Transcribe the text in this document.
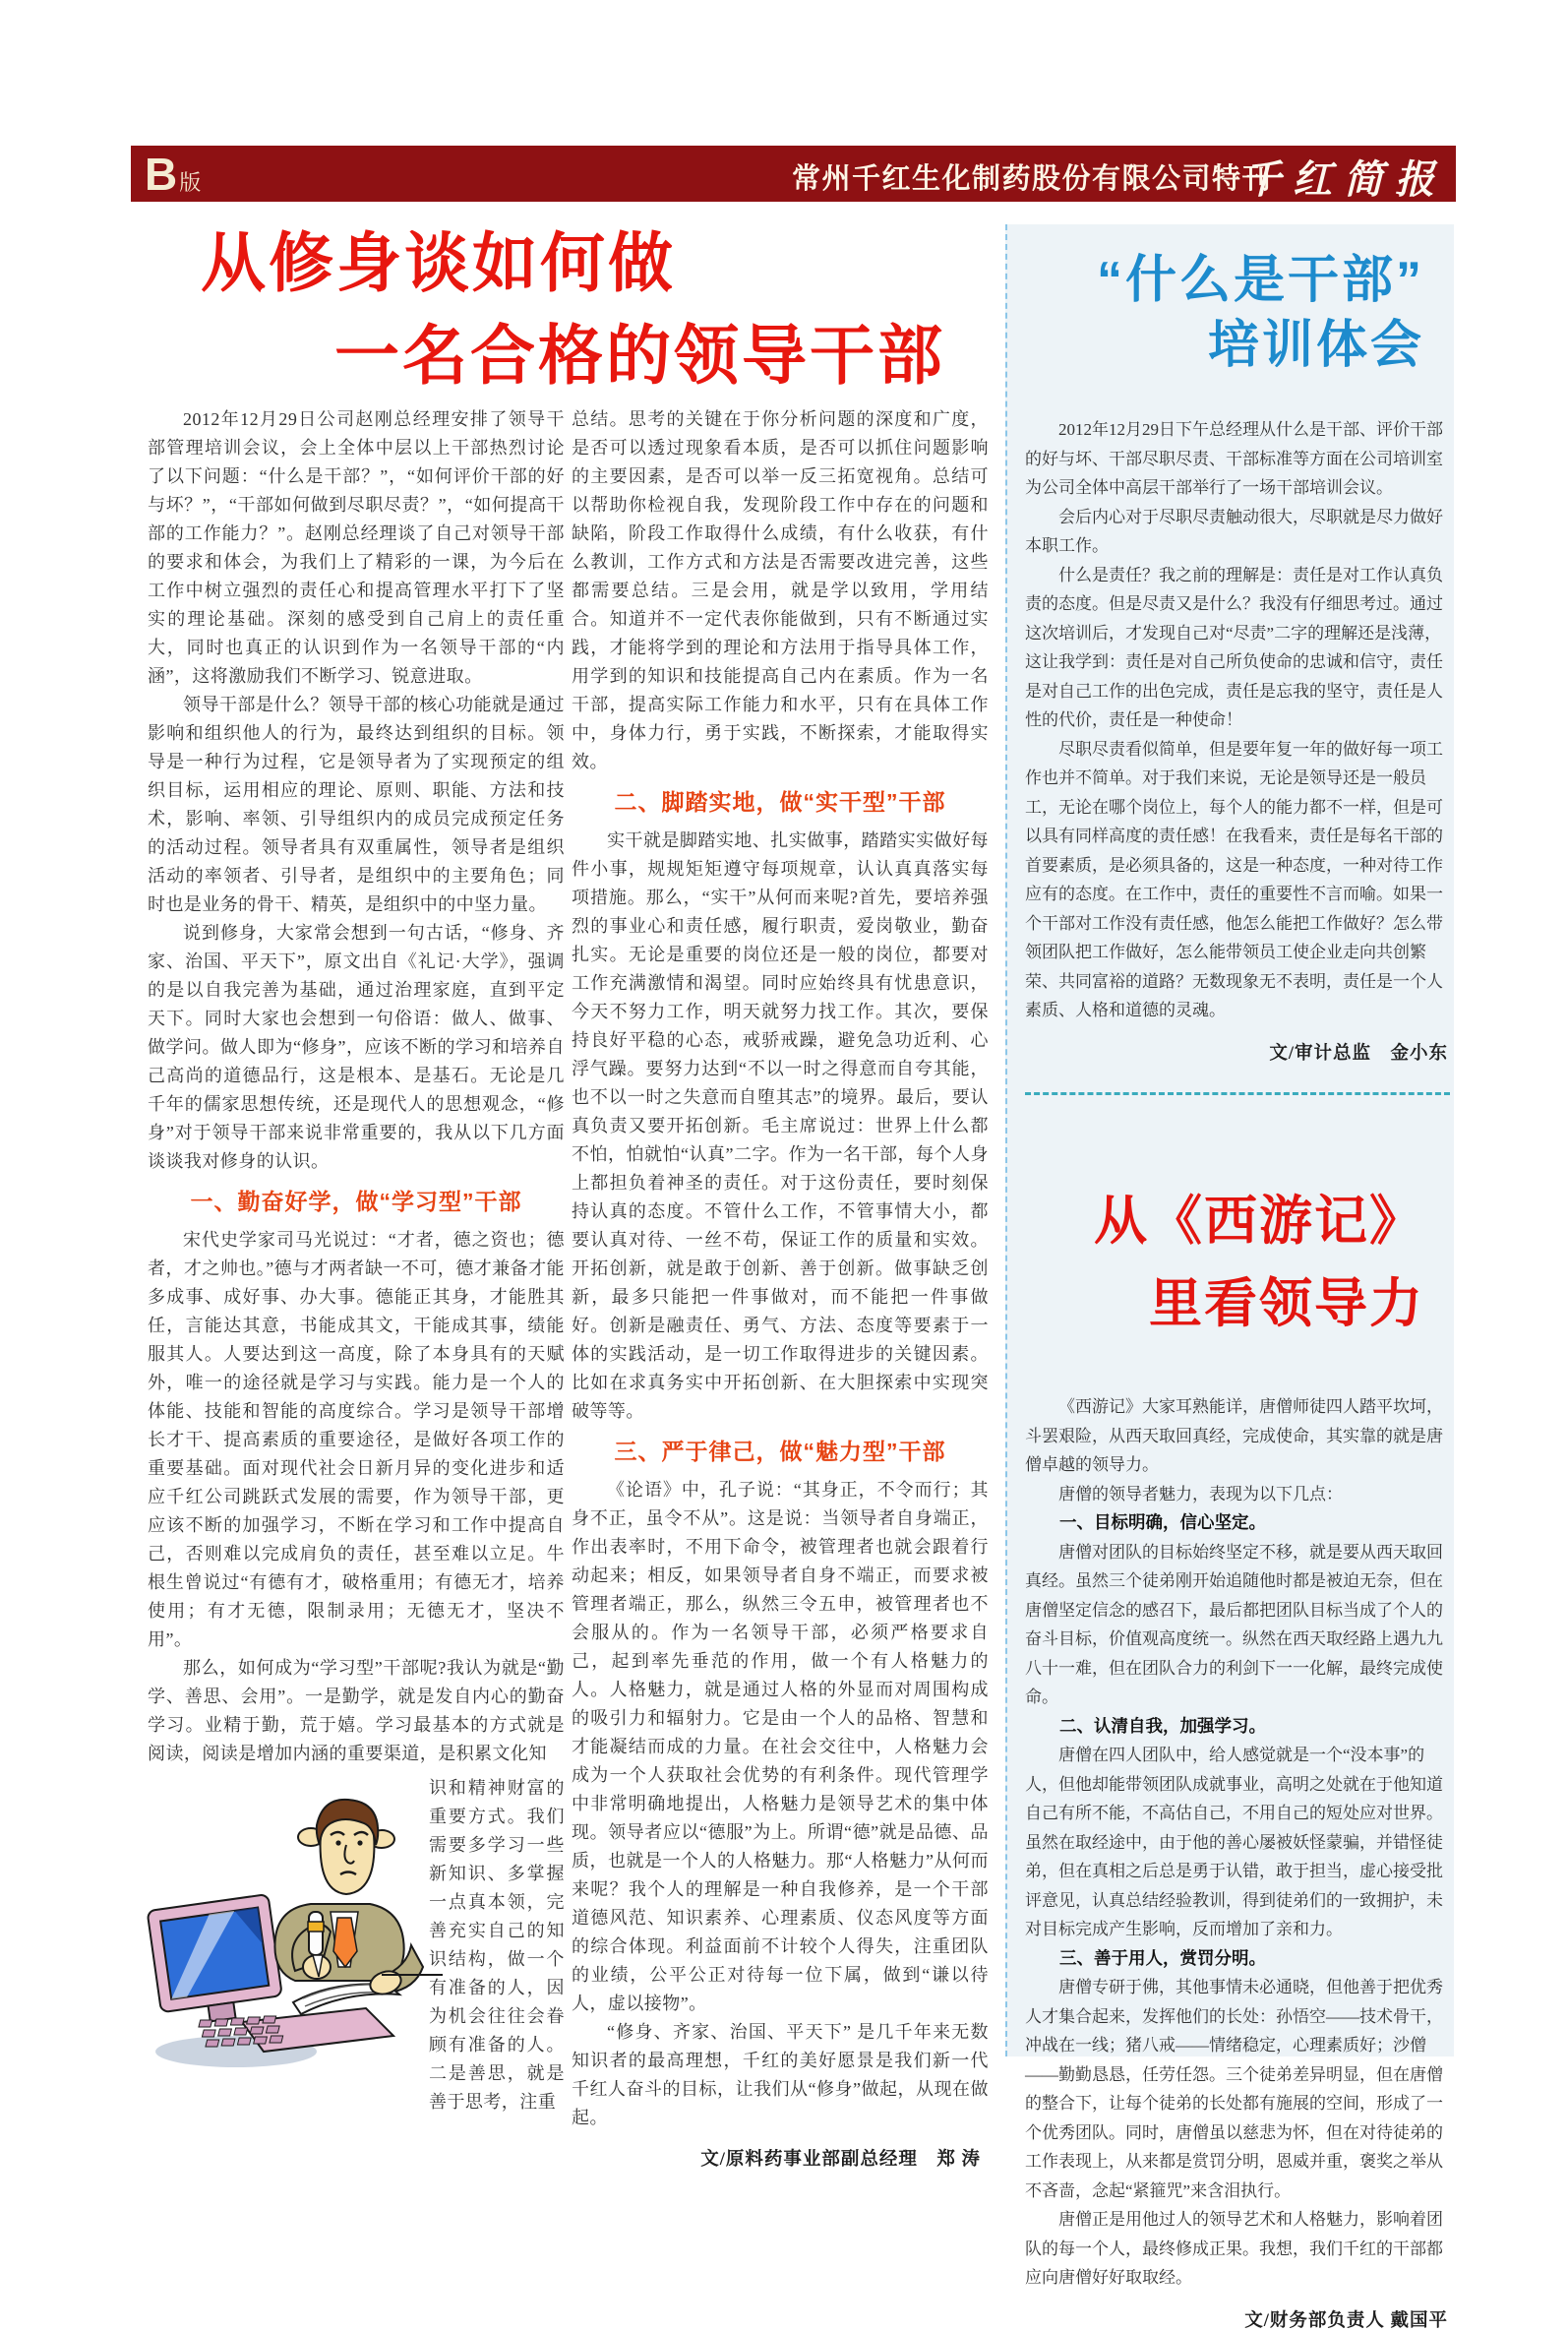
B版	常州千红生化制药股份有限公司特刊
千红简报
从修身谈如何做
一名合格的领导干部

2012年12月29日公司赵刚总经理安排了领导干部管理培训会议，会上全体中层以上干部热烈讨论了以下问题：“什么是干部？”，“如何评价干部的好与坏？”，“干部如何做到尽职尽责？”，“如何提高干部的工作能力？”。赵刚总经理谈了自己对领导干部的要求和体会，为我们上了精彩的一课，为今后在工作中树立强烈的责任心和提高管理水平打下了坚实的理论基础。深刻的感受到自己肩上的责任重大，同时也真正的认识到作为一名领导干部的“内涵”，这将激励我们不断学习、锐意进取。

领导干部是什么？领导干部的核心功能就是通过影响和组织他人的行为，最终达到组织的目标。领导是一种行为过程，它是领导者为了实现预定的组织目标，运用相应的理论、原则、职能、方法和技术，影响、率领、引导组织内的成员完成预定任务的活动过程。领导者具有双重属性，领导者是组织活动的率领者、引导者，是组织中的主要角色；同时也是业务的骨干、精英，是组织中的中坚力量。

说到修身，大家常会想到一句古话，“修身、齐家、治国、平天下”，原文出自《礼记·大学》，强调的是以自我完善为基础，通过治理家庭，直到平定天下。同时大家也会想到一句俗语：做人、做事、做学问。做人即为“修身”，应该不断的学习和培养自己高尚的道德品行，这是根本、是基石。无论是几千年的儒家思想传统，还是现代人的思想观念，“修身”对于领导干部来说非常重要的，我从以下几方面谈谈我对修身的认识。

一、勤奋好学，做“学习型”干部

宋代史学家司马光说过：“才者，德之资也；德者，才之帅也。”德与才两者缺一不可，德才兼备才能多成事、成好事、办大事。德能正其身，才能胜其任，言能达其意，书能成其文，干能成其事，绩能服其人。人要达到这一高度，除了本身具有的天赋外，唯一的途径就是学习与实践。能力是一个人的体能、技能和智能的高度综合。学习是领导干部增长才干、提高素质的重要途径，是做好各项工作的重要基础。面对现代社会日新月异的变化进步和适应千红公司跳跃式发展的需要，作为领导干部，更应该不断的加强学习，不断在学习和工作中提高自己，否则难以完成肩负的责任，甚至难以立足。牛根生曾说过“有德有才，破格重用；有德无才，培养使用；有才无德，限制录用；无德无才，坚决不用”。

那么，如何成为“学习型”干部呢?我认为就是“勤学、善思、会用”。一是勤学，就是发自内心的勤奋学习。业精于勤，荒于嬉。学习最基本的方式就是阅读，阅读是增加内涵的重要渠道，是积累文化知

识和精神财富的重要方式。我们需要多学习一些新知识、多掌握一点真本领，完善充实自己的知识结构，做一个有准备的人，因为机会往往会眷顾有准备的人。二是善思，就是善于思考，注重

总结。思考的关键在于你分析问题的深度和广度，是否可以透过现象看本质，是否可以抓住问题影响的主要因素，是否可以举一反三拓宽视角。总结可以帮助你检视自我，发现阶段工作中存在的问题和缺陷，阶段工作取得什么成绩，有什么收获，有什么教训，工作方式和方法是否需要改进完善，这些都需要总结。三是会用，就是学以致用，学用结合。知道并不一定代表你能做到，只有不断通过实践，才能将学到的理论和方法用于指导具体工作，用学到的知识和技能提高自己内在素质。作为一名干部，提高实际工作能力和水平，只有在具体工作中，身体力行，勇于实践，不断探索，才能取得实效。

二、脚踏实地，做“实干型”干部

实干就是脚踏实地、扎实做事，踏踏实实做好每件小事，规规矩矩遵守每项规章，认认真真落实每项措施。那么，“实干”从何而来呢?首先，要培养强烈的事业心和责任感，履行职责，爱岗敬业，勤奋扎实。无论是重要的岗位还是一般的岗位，都要对工作充满激情和渴望。同时应始终具有忧患意识，今天不努力工作，明天就努力找工作。其次，要保持良好平稳的心态，戒骄戒躁，避免急功近利、心浮气躁。要努力达到“不以一时之得意而自夸其能，也不以一时之失意而自堕其志”的境界。最后，要认真负责又要开拓创新。毛主席说过：世界上什么都不怕，怕就怕“认真”二字。作为一名干部，每个人身上都担负着神圣的责任。对于这份责任，要时刻保持认真的态度。不管什么工作，不管事情大小，都要认真对待、一丝不苟，保证工作的质量和实效。开拓创新，就是敢于创新、善于创新。做事缺乏创新，最多只能把一件事做对，而不能把一件事做好。创新是融责任、勇气、方法、态度等要素于一体的实践活动，是一切工作取得进步的关键因素。比如在求真务实中开拓创新、在大胆探索中实现突破等等。

三、严于律己，做“魅力型”干部

《论语》中，孔子说：“其身正，不令而行；其身不正，虽令不从”。这是说：当领导者自身端正，作出表率时，不用下命令，被管理者也就会跟着行动起来；相反，如果领导者自身不端正，而要求被管理者端正，那么，纵然三令五申，被管理者也不会服从的。作为一名领导干部，必须严格要求自己，起到率先垂范的作用，做一个有人格魅力的人。人格魅力，就是通过人格的外显而对周围构成的吸引力和辐射力。它是由一个人的品格、智慧和才能凝结而成的力量。在社会交往中，人格魅力会成为一个人获取社会优势的有利条件。现代管理学中非常明确地提出，人格魅力是领导艺术的集中体现。领导者应以“德服”为上。所谓“德”就是品德、品质，也就是一个人的人格魅力。那“人格魅力”从何而来呢？我个人的理解是一种自我修养，是一个干部道德风范、知识素养、心理素质、仪态风度等方面的综合体现。利益面前不计较个人得失，注重团队的业绩，公平公正对待每一位下属，做到“谦以待人，虚以接物”。

“修身、齐家、治国、平天下” 是几千年来无数知识者的最高理想，千红的美好愿景是我们新一代千红人奋斗的目标，让我们从“修身”做起，从现在做起。

文/原料药事业部副总经理　郑 涛
“什么是干部”
培训体会

2012年12月29日下午总经理从什么是干部、评价干部的好与坏、干部尽职尽责、干部标准等方面在公司培训室为公司全体中高层干部举行了一场干部培训会议。

会后内心对于尽职尽责触动很大，尽职就是尽力做好本职工作。

什么是责任？我之前的理解是：责任是对工作认真负责的态度。但是尽责又是什么？我没有仔细思考过。通过这次培训后，才发现自己对“尽责”二字的理解还是浅薄，这让我学到：责任是对自己所负使命的忠诚和信守，责任是对自己工作的出色完成，责任是忘我的坚守，责任是人性的代价，责任是一种使命！

尽职尽责看似简单，但是要年复一年的做好每一项工作也并不简单。对于我们来说，无论是领导还是一般员工，无论在哪个岗位上，每个人的能力都不一样，但是可以具有同样高度的责任感！在我看来，责任是每名干部的首要素质，是必须具备的，这是一种态度，一种对待工作应有的态度。在工作中，责任的重要性不言而喻。如果一个干部对工作没有责任感，他怎么能把工作做好？怎么带领团队把工作做好，怎么能带领员工使企业走向共创繁荣、共同富裕的道路？无数现象无不表明，责任是一个人素质、人格和道德的灵魂。

文/审计总监　金小东
从《西游记》
里看领导力

《西游记》大家耳熟能详，唐僧师徒四人踏平坎坷，斗罢艰险，从西天取回真经，完成使命，其实靠的就是唐僧卓越的领导力。

唐僧的领导者魅力，表现为以下几点：

一、目标明确，信心坚定。

唐僧对团队的目标始终坚定不移，就是要从西天取回真经。虽然三个徒弟刚开始追随他时都是被迫无奈，但在唐僧坚定信念的感召下，最后都把团队目标当成了个人的奋斗目标，价值观高度统一。纵然在西天取经路上遇九九八十一难，但在团队合力的利剑下一一化解，最终完成使命。

二、认清自我，加强学习。

唐僧在四人团队中，给人感觉就是一个“没本事”的人，但他却能带领团队成就事业，高明之处就在于他知道自己有所不能，不高估自己，不用自己的短处应对世界。虽然在取经途中，由于他的善心屡被妖怪蒙骗，并错怪徒弟，但在真相之后总是勇于认错，敢于担当，虚心接受批评意见，认真总结经验教训，得到徒弟们的一致拥护，未对目标完成产生影响，反而增加了亲和力。

三、善于用人，赏罚分明。

唐僧专研于佛，其他事情未必通晓，但他善于把优秀人才集合起来，发挥他们的长处：孙悟空——技术骨干，冲战在一线；猪八戒——情绪稳定，心理素质好；沙僧——勤勤恳恳，任劳任怨。三个徒弟差异明显，但在唐僧的整合下，让每个徒弟的长处都有施展的空间，形成了一个优秀团队。同时，唐僧虽以慈悲为怀，但在对待徒弟的工作表现上，从来都是赏罚分明，恩威并重，褒奖之举从不吝啬，念起“紧箍咒”来含泪执行。

唐僧正是用他过人的领导艺术和人格魅力，影响着团队的每一个人，最终修成正果。我想，我们千红的干部都应向唐僧好好取取经。

文/财务部负责人 戴国平
